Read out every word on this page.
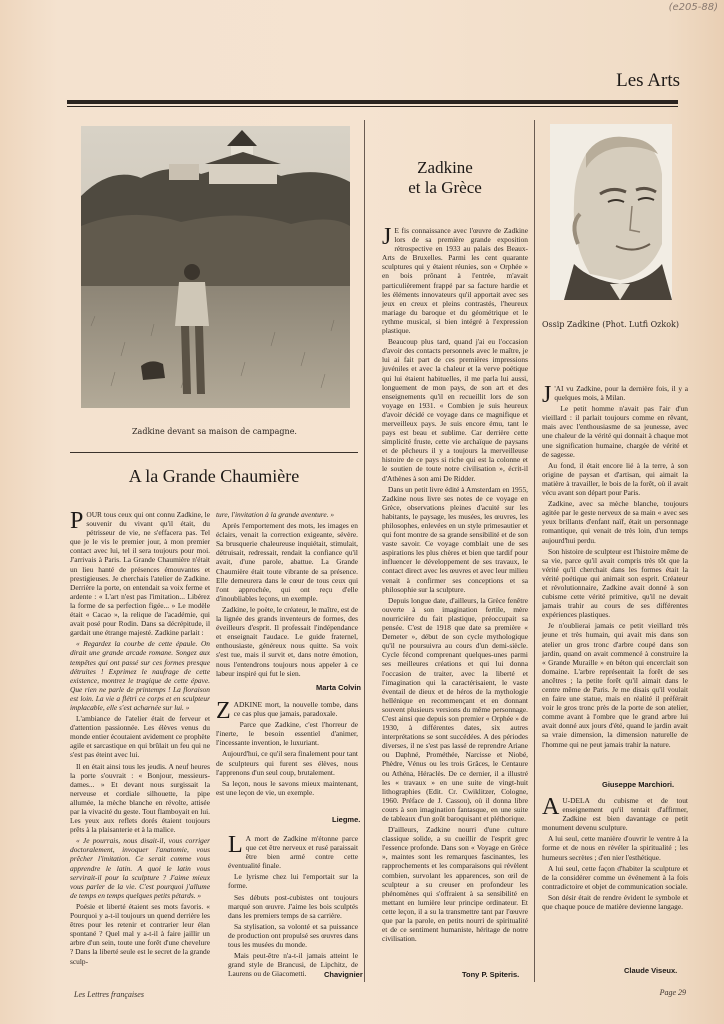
(e205-88)
Les Arts
Zadkine devant sa maison de campagne.
Zadkine
et la Grèce
Ossip Zadkine (Phot. Lutfi Ozkok)
A la Grande Chaumière
P OUR tous ceux qui ont connu Zadkine, le souvenir du vivant qu'il était, du pétrisseur de vie, ne s'effacera pas. Tel que je le vis le premier jour, à mon premier contact avec lui, tel il sera toujours pour moi. J'arrivais à Paris. La Grande Chaumière n'était un lieu hanté de présences émouvantes et prestigieuses. Je cherchais l'atelier de Zadkine. Derrière la porte, on entendait sa voix ferme et ardente : « L'art n'est pas l'imitation... Libérez la forme de sa perfection figée... » Le modèle était « Cacao », la relique de l'académie, qui avait posé pour Rodin. Dans sa décrépitude, il gardait une étrange majesté. Zadkine parlait :

« Regardez la courbe de cette épaule. On dirait une grande arcade romane. Songez aux tempêtes qui ont passé sur ces formes presque détruites ! Exprimez le naufrage de cette existence, montrez le tragique de cette épave. Que rien ne parle de printemps ! La floraison est loin. La vie a flétri ce corps et en sculpteur implacable, elle s'est acharnée sur lui. »

L'ambiance de l'atelier était de ferveur et d'attention passionnée. Les élèves venus du monde entier écoutaient avidement ce prophète agile et sarcastique en qui brûlait un feu qui ne s'est pas éteint avec lui.

Il en était ainsi tous les jeudis. A neuf heures la porte s'ouvrait : « Bonjour, messieurs-dames... » Et devant nous surgissait la nerveuse et cordiale silhouette, la pipe allumée, la mèche blanche en révolte, attisée par la vivacité du geste. Tout flamboyait en lui. Les yeux aux reflets dorés étaient toujours prêts à la plaisanterie et à la malice.

« Je pourrais, nous disait-il, vous corriger doctoralement, invoquer l'anatomie, vous prêcher l'imitation. Ce serait comme vous apprendre le latin. A quoi le latin vous servirait-il pour la sculpture ? J'aime mieux vous parler de la vie. C'est pourquoi j'allume de temps en temps quelques petits pétards. »

Poésie et liberté étaient ses mots favoris. « Pourquoi y a-t-il toujours un quend derrière les êtres pour les retenir et contrarier leur élan spontané ? Quel mal y a-t-il à faire jaillir un arbre d'un sein, toute une forêt d'une chevelure ? Dans la liberté seule est le secret de la grande sculp-

ture, l'invitation à la grande aventure. »

Après l'emportement des mots, les images en éclairs, venait la correction exigeante, sévère. Sa brusquerie chaleureuse inquiétait, stimulait, détruisait, redressait, rendait la confiance qu'il avait, d'une parole, abattue. La Grande Chaumière était toute vibrante de sa présence. Elle demeurera dans le cœur de tous ceux qui l'ont approchée, qui ont reçu d'elle d'inoubliables leçons, un exemple.

Zadkine, le poète, le créateur, le maître, est de la lignée des grands inventeurs de formes, des éveilleurs d'esprit. Il professait l'indépendance et enseignait l'audace. Le guide fraternel, enthousiaste, généreux nous quitte. Sa voix s'est tue, mais il survit et, dans notre émotion, nous l'entendrons toujours nous appeler à ce labeur inspiré qui fut le sien.

Marta Colvin
Z ADKINE mort, la nouvelle tombe, dans ce cas plus que jamais, paradoxale.

Parce que Zadkine, c'est l'horreur de l'inerte, le besoin essentiel d'animer, l'incessante invention, le luxuriant.

Aujourd'hui, ce qu'il sera finalement pour tant de sculpteurs qui furent ses élèves, nous l'apprenons d'un seul coup, brutalement.

Sa leçon, nous le savons mieux maintenant, est une leçon de vie, un exemple.

Liegme.
L A mort de Zadkine m'étonne parce que cet être nerveux et rusé paraissait être bien armé contre cette éventualité finale.

Le lyrisme chez lui l'emportait sur la forme.

Ses débuts post-cubistes ont toujours marqué son œuvre. J'aime les bois sculptés dans les premiers temps de sa carrière.

Sa stylisation, sa volonté et sa puissance de production ont propulsé ses œuvres dans tous les musées du monde.

Mais peut-être n'a-t-il jamais atteint le grand style de Brancusi, de Lipchitz, de Laurens ou de Giacometti.	Chavignier
J E fis connaissance avec l'œuvre de Zadkine lors de sa première grande exposition rétrospective en 1933 au palais des Beaux-Arts de Bruxelles. Parmi les cent quarante sculptures qui y étaient réunies, son « Orphée » en bois prônant à l'entrée, m'avait particulièrement frappé par sa facture hardie et les éléments innovateurs qu'il apportait avec ses jeux en creux et pleins contrastés, l'heureux mariage du baroque et du géométrique et le rythme musical, si bien intégré à l'expression plastique.

Beaucoup plus tard, quand j'ai eu l'occasion d'avoir des contacts personnels avec le maître, je lui ai fait part de ces premières impressions juvéniles et avec la chaleur et la verve poétique qui lui étaient habituelles, il me parla lui aussi, longuement de mon pays, de son art et des enseignements qu'il en recueillit lors de son voyage en 1931. « Combien je suis heureux d'avoir décidé ce voyage dans ce magnifique et merveilleux pays. Je suis encore ému, tant le pays est beau et sublime. Car derrière cette simplicité fruste, cette vie archaïque de paysans et de pêcheurs il y a toujours la merveilleuse histoire de ce pays si riche qui est la colonne et le soutien de toute notre civilisation », écrit-il d'Athènes à son ami De Ridder.

Dans un petit livre édité à Amsterdam en 1955, Zadkine nous livre ses notes de ce voyage en Grèce, observations pleines d'acuité sur les habitants, le paysage, les musées, les œuvres, les philosophes, enlevées en un style primesautier et qui font montre de sa grande sensibilité et de son vaste savoir. Ce voyage comblait une de ses aspirations les plus chères et bien que tardif pour influencer le développement de ses travaux, le contact direct avec les œuvres et avec leur milieu venait à confirmer ses conceptions et sa philosophie sur la sculpture.

Depuis longue date, d'ailleurs, la Grèce fenêtre ouverte à son imagination fertile, mère nourricière du fait plastique, préoccupait sa pensée. C'est de 1918 que date sa première « Demeter », début de son cycle mythologique qu'il ne poursuivra au cours d'un demi-siècle. Cycle fécond comprenant quelques-unes parmi ses meilleures créations et qui lui donna l'occasion de traiter, avec la liberté et l'imagination qui la caractérisaient, le vaste éventail de dieux et de héros de la mythologie hellénique en recommençant et en donnant souvent plusieurs versions du même personnage. C'est ainsi que depuis son premier « Orphée » de 1930, à différentes dates, six autres interprétations se sont succédées. A des périodes diverses, il ne s'est pas lassé de reprendre Ariane ou Daphné, Prométhée, Narcisse et Niobé, Phèdre, Vénus ou les trois Grâces, le Centaure ou Athéna, Héraclès. De ce dernier, il a illustré les « travaux » en une suite de vingt-huit lithographies (Edit. Cr. Cwiklitzer, Cologne, 1960. Préface de J. Cassou), où il donna libre cours à son imagination fantasque, en une suite de tableaux d'un goût baroquisant et pléthorique.

D'ailleurs, Zadkine nourri d'une culture classique solide, a su cueillir de l'esprit grec l'essence profonde. Dans son « Voyage en Grèce », maintes sont les remarques fascinantes, les rapprochements et les comparaisons qui révèlent combien, survolant les apparences, son œil de sculpteur a su creuser en profondeur les phénomènes qui s'offraient à sa sensibilité en mettant en lumière leur principe ordinateur. Et cette leçon, il a su la transmettre tant par l'œuvre que par la parole, en petits nourri de spiritualité et de ce sentiment humaniste, héritage de notre civilisation.

Tony P. Spiteris.
J 'AI vu Zadkine, pour la dernière fois, il y a quelques mois, à Milan.

Le petit homme n'avait pas l'air d'un vieillard : il parlait toujours comme en rêvant, mais avec l'enthousiasme de sa jeunesse, avec une chaleur de la vérité qui donnait à chaque mot une signification humaine, chargée de vérité et de sagesse.

Au fond, il était encore lié à la terre, à son origine de paysan et d'artisan, qui aimait la matière à travailler, le bois de la forêt, où il avait vécu avant son départ pour Paris.

Zadkine, avec sa mèche blanche, toujours agitée par le geste nerveux de sa main « avec ses yeux brillants d'enfant naïf, était un personnage romantique, qui venait de très loin, d'un temps aujourd'hui perdu.

Son histoire de sculpteur est l'histoire même de sa vie, parce qu'il avait compris très tôt que la vérité qu'il cherchait dans les formes était la vérité poétique qui animait son esprit. Créateur et révolutionnaire, Zadkine avait donné à son cubisme cette vérité primitive, qu'il ne devait jamais trahir au cours de ses différentes expériences plastiques.

Je n'oublierai jamais ce petit vieillard très jeune et très humain, qui avait mis dans son atelier un gros tronc d'arbre coupé dans son jardin, quand on avait commencé à construire la « Grande Muraille » en béton qui encerclait son domaine. L'arbre représentait la forêt de ses ancêtres ; la petite forêt qu'il aimait dans le centre même de Paris. Je me disais qu'il voulait en faire une statue, mais en réalité il préférait voir le gros tronc près de la porte de son atelier, comme avant à l'ombre que le grand arbre lui avait donné aux jours d'été, quand le jardin avait sa vraie dimension, la dimension naturelle de l'homme qui ne peut jamais trahir la nature.

Giuseppe Marchiori.
A U-DELA du cubisme et de tout enseignement qu'il tentait d'affirmer, Zadkine est bien davantage ce petit monument devenu sculpture.

A lui seul, cette manière d'ouvrir le ventre à la forme et de nous en révéler la spiritualité ; les humeurs secrètes ; d'en nier l'esthétique.

A lui seul, cette façon d'habiter la sculpture et de la considérer comme un événement à la fois contradictoire et objet de communication sociale.

Son désir était de rendre évident le symbole et que chaque pouce de matière devienne langage.

Claude Viseux.
Les Lettres françaises	Page 29
